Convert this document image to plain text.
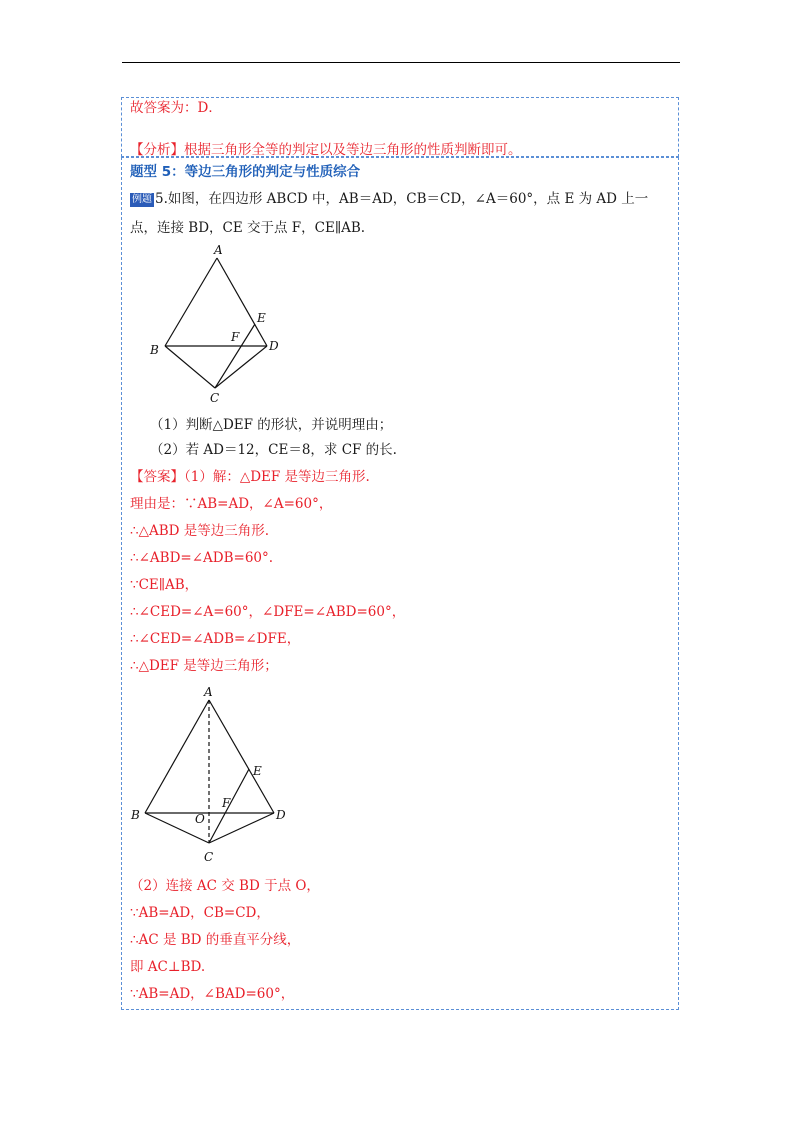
故答案为：D．
【分析】根据三角形全等的判定以及等边三角形的性质判断即可。
题型 5：等边三角形的判定与性质综合
例题 5.如图，在四边形 ABCD 中，AB＝AD，CB＝CD，∠A＝60°，点 E 为 AD 上一
点，连接 BD，CE 交于点 F，CE∥AB.
A
B
C
D
E
F
（1）判断△DEF 的形状，并说明理由；
（2）若 AD＝12，CE＝8，求 CF 的长.
【答案】（1）解：△DEF 是等边三角形.
理由是：∵AB=AD，∠A=60°，
∴△ABD 是等边三角形.
∴∠ABD=∠ADB=60°.
∵CE∥AB，
∴∠CED=∠A=60°，∠DFE=∠ABD=60°，
∴∠CED=∠ADB=∠DFE，
∴△DEF 是等边三角形；
A
B
C
D
E
F
O
（2）连接 AC 交 BD 于点 O，
∵AB=AD，CB=CD，
∴AC 是 BD 的垂直平分线，
即 AC⊥BD.
∵AB=AD，∠BAD=60°，
